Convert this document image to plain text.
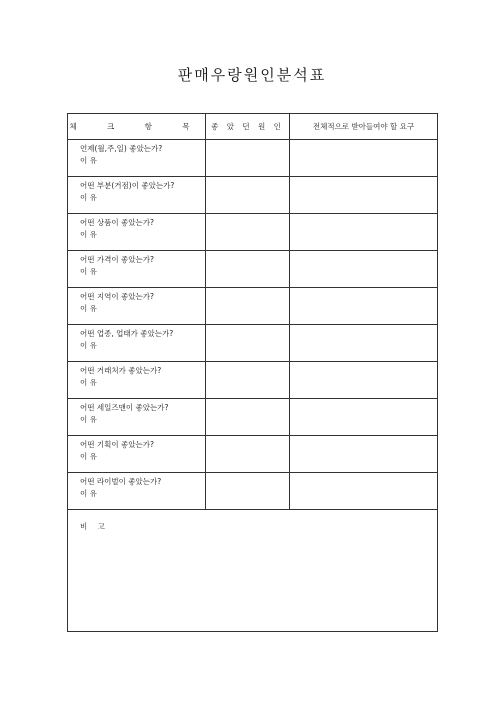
판매우랑원인분석표
체 크 항 목	좋 았 던 원 인	전체적으로 받아들여야 할 요구

언제(월,주,일) 좋았는가?
이 유		

어떤 부분(거점)이 좋았는가?
이 유		

어떤 상품이 좋았는가?
이 유		

어떤 가격이 좋았는가?
이 유		

어떤 지역이 좋았는가?
이 유		

어떤 업종, 업태가 좋았는가?
이 유		

어떤 거래처가 좋았는가?
이 유		

어떤 세일즈맨이 좋았는가?
이 유		

어떤 기획이 좋았는가?
이 유		

어떤 라이벌이 좋았는가?
이 유		

비 고		
